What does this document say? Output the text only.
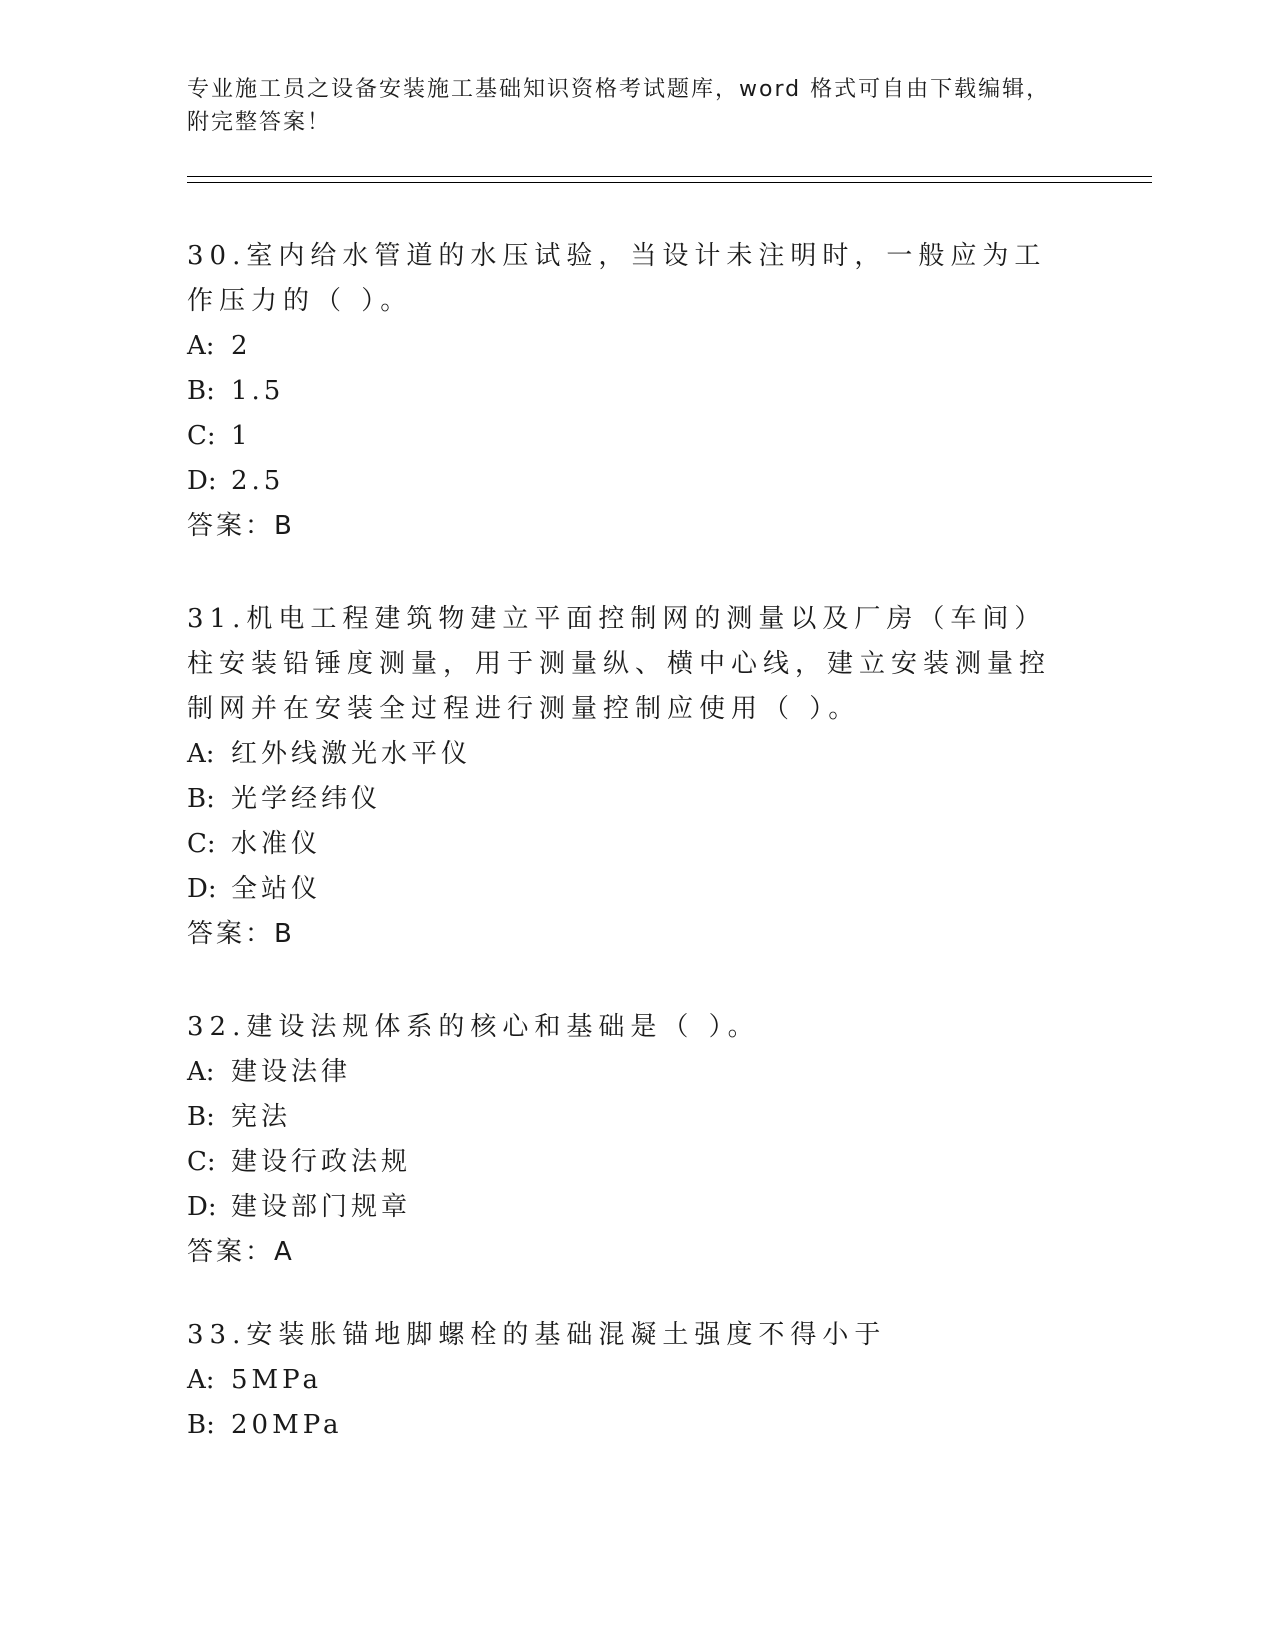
专业施工员之设备安装施工基础知识资格考试题库，word 格式可自由下载编辑，
附完整答案！

30.室内给水管道的水压试验，当设计未注明时，一般应为工作压力的（ ）。

A: 2

B: 1.5

C: 1

D: 2.5

答案：B

31.机电工程建筑物建立平面控制网的测量以及厂房（车间）柱安装铅锤度测量，用于测量纵、横中心线，建立安装测量控制网并在安装全过程进行测量控制应使用（ ）。

A: 红外线激光水平仪

B: 光学经纬仪

C: 水准仪

D: 全站仪

答案：B

32.建设法规体系的核心和基础是（ ）。

A: 建设法律

B: 宪法

C: 建设行政法规

D: 建设部门规章

答案：A

33.安装胀锚地脚螺栓的基础混凝土强度不得小于

A: 5MPa

B: 20MPa
